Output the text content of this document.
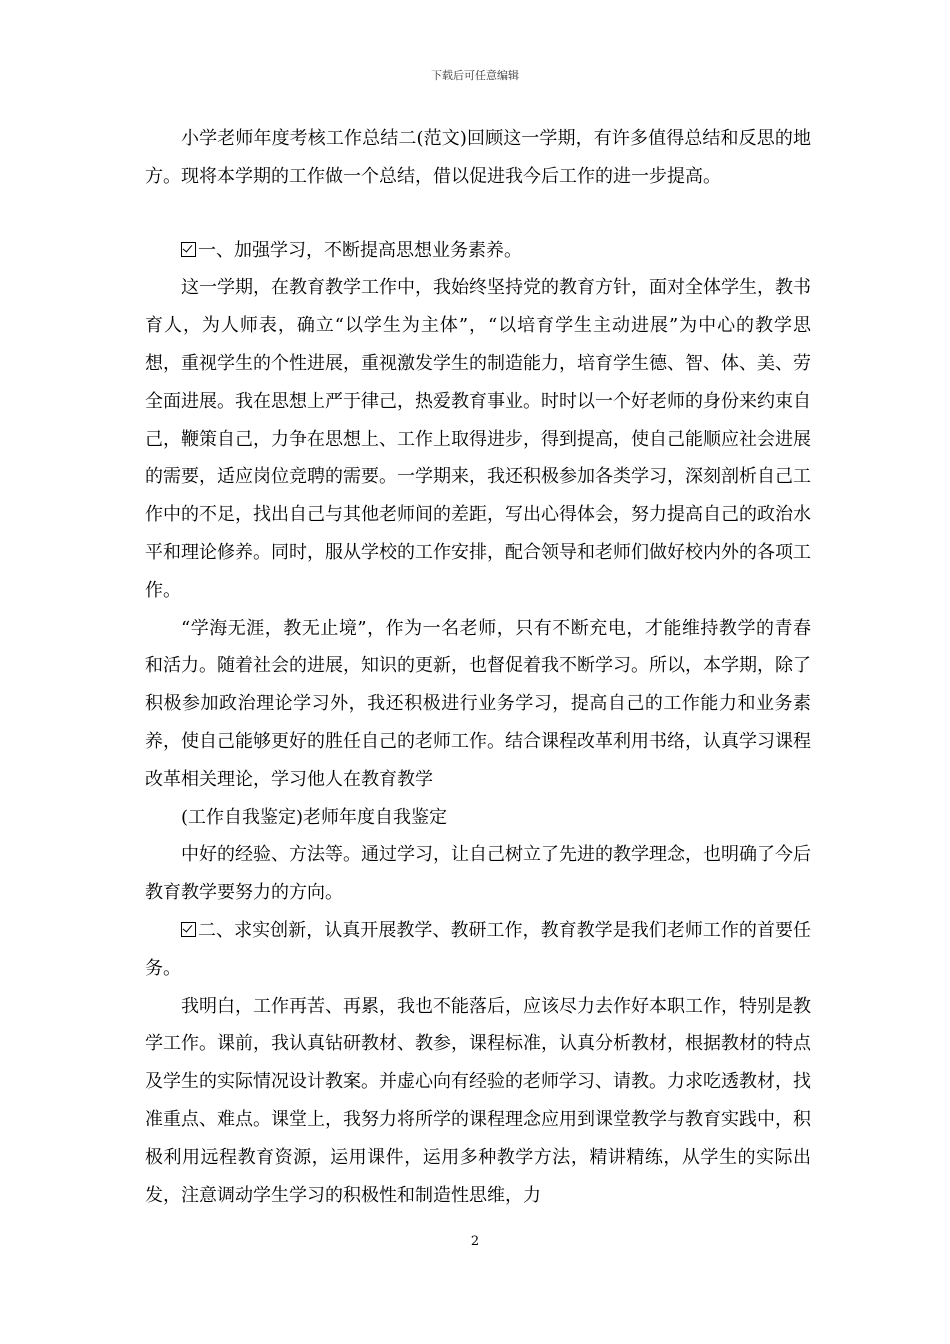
下载后可任意编辑

小学老师年度考核工作总结二(范文)回顾这一学期，有许多值得总结和反思的地方。现将本学期的工作做一个总结，借以促进我今后工作的进一步提高。

一、加强学习，不断提高思想业务素养。

这一学期，在教育教学工作中，我始终坚持党的教育方针，面对全体学生，教书育人，为人师表，确立“以学生为主体”，“以培育学生主动进展”为中心的教学思想，重视学生的个性进展，重视激发学生的制造能力，培育学生德、智、体、美、劳全面进展。我在思想上严于律己，热爱教育事业。时时以一个好老师的身份来约束自己，鞭策自己，力争在思想上、工作上取得进步，得到提高，使自己能顺应社会进展的需要，适应岗位竞聘的需要。一学期来，我还积极参加各类学习，深刻剖析自己工作中的不足，找出自己与其他老师间的差距，写出心得体会，努力提高自己的政治水平和理论修养。同时，服从学校的工作安排，配合领导和老师们做好校内外的各项工作。

“学海无涯，教无止境”，作为一名老师，只有不断充电，才能维持教学的青春和活力。随着社会的进展，知识的更新，也督促着我不断学习。所以，本学期，除了积极参加政治理论学习外，我还积极进行业务学习，提高自己的工作能力和业务素养，使自己能够更好的胜任自己的老师工作。结合课程改革利用书络，认真学习课程改革相关理论，学习他人在教育教学

(工作自我鉴定)老师年度自我鉴定

中好的经验、方法等。通过学习，让自己树立了先进的教学理念，也明确了今后教育教学要努力的方向。

二、求实创新，认真开展教学、教研工作，教育教学是我们老师工作的首要任务。

我明白，工作再苦、再累，我也不能落后，应该尽力去作好本职工作，特别是教学工作。课前，我认真钻研教材、教参，课程标准，认真分析教材，根据教材的特点及学生的实际情况设计教案。并虚心向有经验的老师学习、请教。力求吃透教材，找准重点、难点。课堂上，我努力将所学的课程理念应用到课堂教学与教育实践中，积极利用远程教育资源，运用课件，运用多种教学方法，精讲精练，从学生的实际出发，注意调动学生学习的积极性和制造性思维，力

2
